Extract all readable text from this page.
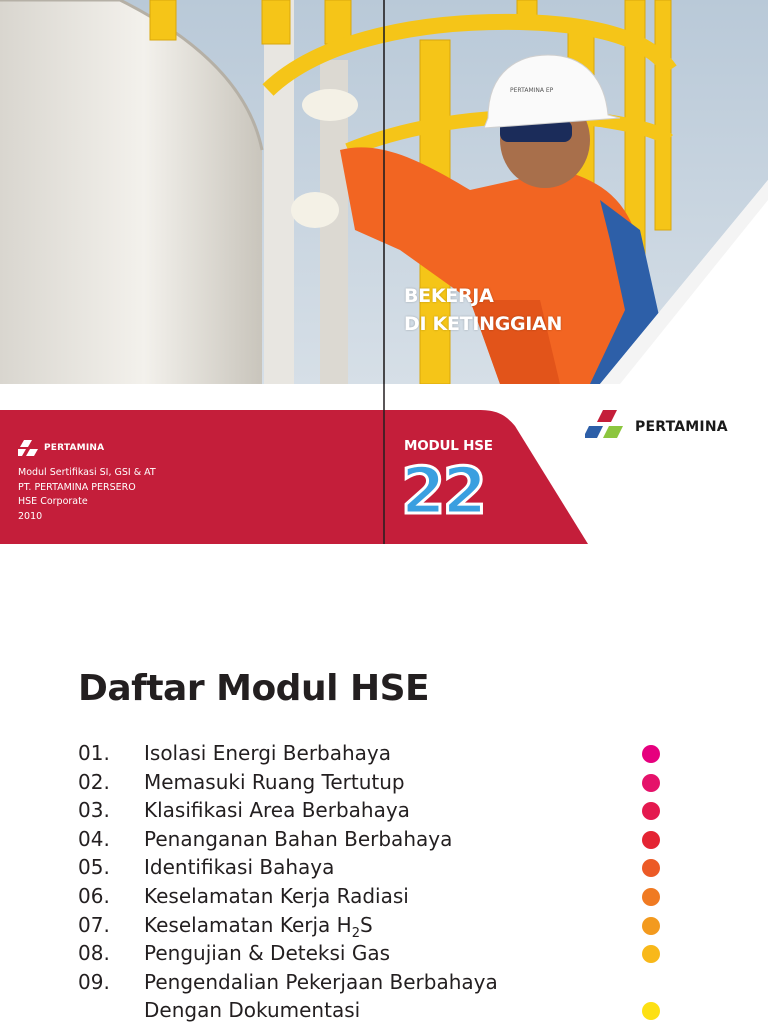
PERTAMINA EP
BEKERJA
DI KETINGGIAN
PERTAMINA
Modul Sertifikasi SI, GSI & AT
PT. PERTAMINA PERSERO
HSE Corporate
2010
MODUL HSE
22
PERTAMINA
Daftar Modul HSE
01.	Isolasi Energi Berbahaya
02.	Memasuki Ruang Tertutup
03.	Klasifikasi Area Berbahaya
04.	Penanganan Bahan Berbahaya
05.	Identifikasi Bahaya
06.	Keselamatan Kerja Radiasi
07.	Keselamatan Kerja $H_2S$
08.	Pengujian & Deteksi Gas
09.	Pengendalian Pekerjaan Berbahaya
Dengan Dokumentasi
